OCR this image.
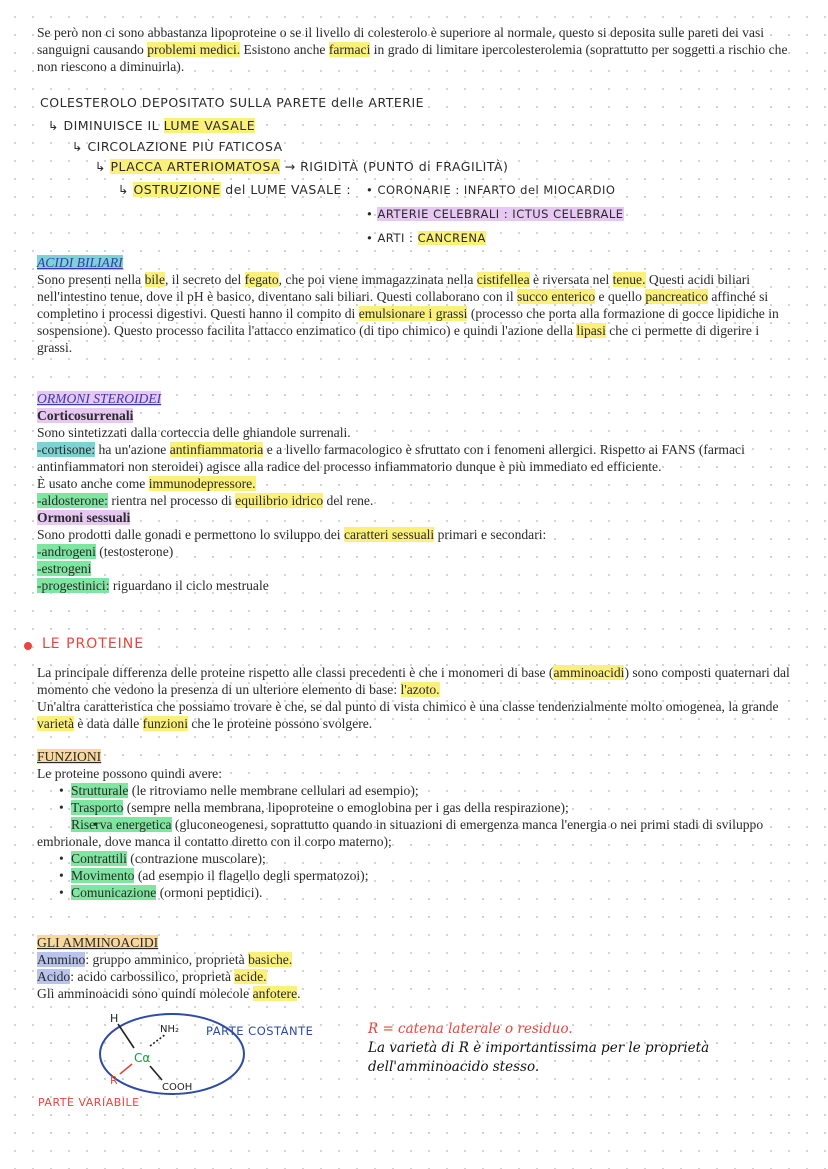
Se però non ci sono abbastanza lipoproteine o se il livello di colesterolo è superiore al normale, questo si deposita sulle pareti dei vasi sanguigni causando problemi medici. Esistono anche farmaci in grado di limitare ipercolesterolemia (soprattutto per soggetti a rischio che non riescono a diminuirla).
COLESTEROLO DEPOSITATO SULLA PARETE delle ARTERIE
↳ DIMINUISCE IL LUME VASALE
↳ CIRCOLAZIONE PIÙ FATICOSA
↳ PLACCA ARTERIOMATOSA → RIGIDITÀ (PUNTO di FRAGILITÀ)
↳ OSTRUZIONE del LUME VASALE : • CORONARIE : INFARTO del MIOCARDIO
• ARTERIE CELEBRALI : ICTUS CELEBRALE
• ARTI : CANCRENA
ACIDI BILIARI
Sono presenti nella bile, il secreto del fegato, che poi viene immagazzinata nella cistifellea è riversata nel tenue. Questi acidi biliari nell'intestino tenue, dove il pH è basico, diventano sali biliari. Questi collaborano con il succo enterico e quello pancreatico affinché si completino i processi digestivi. Questi hanno il compito di emulsionare i grassi (processo che porta alla formazione di gocce lipidiche in sospensione). Questo processo facilita l'attacco enzimatico (di tipo chimico) e quindi l'azione della lipasi che ci permette di digerire i grassi.
ORMONI STEROIDEI
Corticosurrenali
Sono sintetizzati dalla corteccia delle ghiandole surrenali.
-cortisone: ha un'azione antinfiammatoria e a livello farmacologico è sfruttato con i fenomeni allergici. Rispetto ai FANS (farmaci antinfiammatori non steroidei) agisce alla radice del processo infiammatorio dunque è più immediato ed efficiente.
È usato anche come immunodepressore.
-aldosterone: rientra nel processo di equilibrio idrico del rene.
Ormoni sessuali
Sono prodotti dalle gonadi e permettono lo sviluppo dei caratteri sessuali primari e secondari:
-androgeni (testosterone)
-estrogeni
-progestinici: riguardano il ciclo mestruale
LE PROTEINE
La principale differenza delle proteine rispetto alle classi precedenti è che i monomeri di base (amminoacidi) sono composti quaternari dal momento che vedono la presenza di un ulteriore elemento di base: l'azoto.
Un'altra caratteristica che possiamo trovare è che, se dal punto di vista chimico è una classe tendenzialmente molto omogenea, la grande varietà è data dalle funzioni che le proteine possono svolgere.
FUNZIONI
Le proteine possono quindi avere:
• Strutturale (le ritroviamo nelle membrane cellulari ad esempio);
• Trasporto (sempre nella membrana, lipoproteine o emoglobina per i gas della respirazione);
• Riserva energetica (gluconeogenesi, soprattutto quando in situazioni di emergenza manca l'energia o nei primi stadi di sviluppo embrionale, dove manca il contatto diretto con il corpo materno);
• Contrattili (contrazione muscolare);
• Movimento (ad esempio il flagello degli spermatozoi);
• Comunicazione (ormoni peptidici).
GLI AMMINOACIDI
Ammino: gruppo amminico, proprietà basiche.
Acido: acido carbossilico, proprietà acide.
Gli amminoacidi sono quindi molecole anfotere.
H
NH₂
Cα
R
COOH
PARTE COSTANTE
PARTE VARIABILE
R = catena laterale o residuo.
La varietà di R è importantissima per le proprietà
dell'amminoacido stesso.
